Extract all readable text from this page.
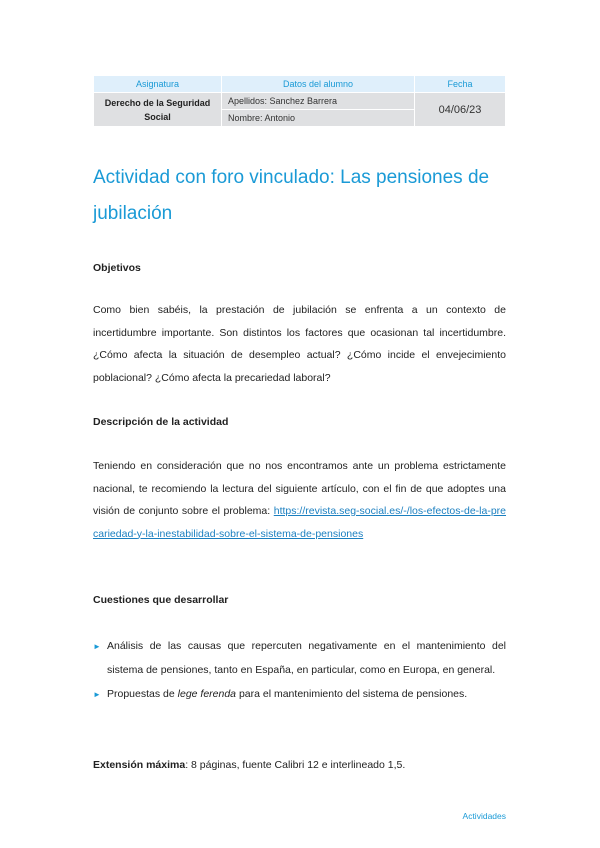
Asignatura	Datos del alumno	Fecha
Derecho de la Seguridad Social	Apellidos: Sanchez Barrera	04/06/23
	Nombre: Antonio	
Actividad con foro vinculado: Las pensiones de jubilación
Objetivos

Como bien sabéis, la prestación de jubilación se enfrenta a un contexto de incertidumbre importante. Son distintos los factores que ocasionan tal incertidumbre. ¿Cómo afecta la situación de desempleo actual? ¿Cómo incide el envejecimiento poblacional? ¿Cómo afecta la precariedad laboral?

Descripción de la actividad

Teniendo en consideración que no nos encontramos ante un problema estrictamente nacional, te recomiendo la lectura del siguiente artículo, con el fin de que adoptes una visión de conjunto sobre el problema: https://revista.seg-social.es/-/los-efectos-de-la-precariedad-y-la-inestabilidad-sobre-el-sistema-de-pensiones

Cuestiones que desarrollar
► Análisis de las causas que repercuten negativamente en el mantenimiento del sistema de pensiones, tanto en España, en particular, como en Europa, en general.
► Propuestas de lege ferenda para el mantenimiento del sistema de pensiones.

Extensión máxima: 8 páginas, fuente Calibri 12 e interlineado 1,5.

Actividades
